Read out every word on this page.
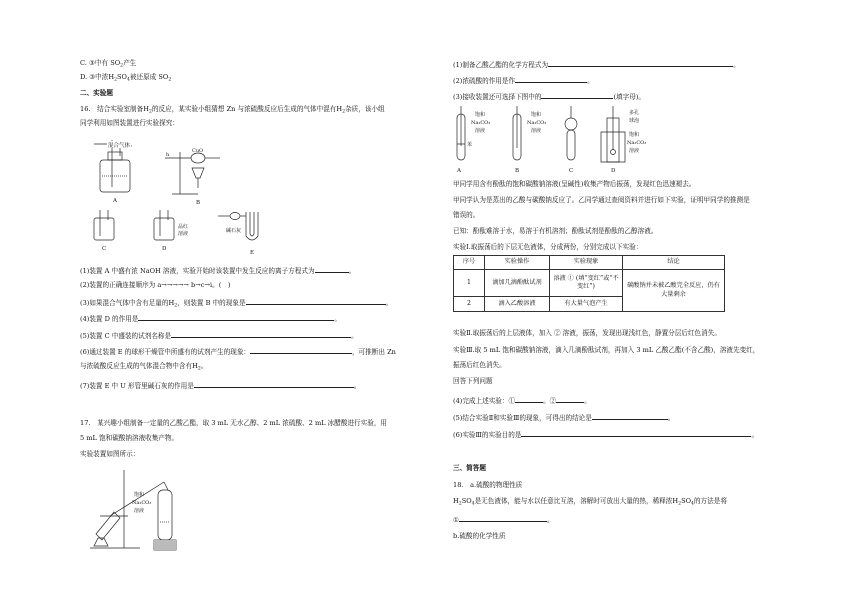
C. ③中有 $SO_2$产生
D. ③中浓$H_2SO_4$被还原成 $SO_2$
二、实验题
16.　结合实验室制备$H_2$的反应，某实验小组猜想 Zn 与浓硫酸反应后生成的气体中混有$H_2$杂质，该小组
同学利用如图装置进行实验探究：
混合气体
h
CuO
品红
溶液	碱石灰
A	B
C	D
E
(1)装置 A 中盛有浓 NaOH 溶液，实验开始时该装置中发生反应的离子方程式为	。
(2)装置的正确连接顺序为 a→→→→→ b→c→i。(　)
(3)如果混合气体中含有足量的$H_2$，则装置 B 中的现象是	。
(4)装置 D 的作用是	。
(5)装置 C 中盛装的试剂名称是	。
(6)通过装置 E 的球形干燥管中所盛有的试剂产生的现象：	，可推断出 Zn
与浓硫酸反应生成的气体混合物中含有$H_2$。
(7)装置 E 中 U 形管里碱石灰的作用是	。
17.　某兴趣小组制备一定量的乙酸乙酯，取 3 mL 无水乙醇、2 mL 浓硫酸、2 mL 冰醋酸进行实验，用
5 mL 饱和碳酸钠溶液收集产物。
实验装置如图所示：
饱和
Na₂CO₃
溶液
(1)制备乙酸乙酯的化学方程式为	。
(2)浓硫酸的作用是作	。
(3)接收装置还可选择下图中的	(填字母)。
饱和
Na₂CO₃
溶液
苯
饱和
Na₂CO₃
溶液
多孔
球泡
饱和
Na₂CO₃
溶液
A	B	C	D
甲同学用含有酚酞的饱和碳酸钠溶液(呈碱性)收集产物后振荡，发现红色迅速褪去。
甲同学认为是蒸出的乙酸与碳酸钠反应了。乙同学通过查阅资料并进行如下实验，证明甲同学的推测是
错误的。
已知：酚酞难溶于水，易溶于有机溶剂；酚酞试剂是酚酞的乙醇溶液。
实验Ⅰ.取振荡后的下层无色液体，分成两份，分别完成以下实验：
序号	实验操作	实验现象	结论
1	滴加几滴酚酞试剂	溶液 ① (填“变红”或“不变红”)	碳酸钠并未被乙酸完全反应，仍有大量剩余
2	滴入乙酸溶液	有大量气泡产生	
实验Ⅱ.取振荡后的上层液体，加入 ② 溶液，振荡，发现出现浅红色，静置分层后红色消失。
实验Ⅲ.取 5 mL 饱和碳酸钠溶液，滴入几滴酚酞试剂，再加入 3 mL 乙酸乙酯(不含乙酸)，溶液先变红，
振荡后红色消失。
回答下列问题
(4)完成上述实验：①	。②	。
(5)结合实验Ⅱ和实验Ⅲ的现象，可得出的结论是	。
(6)实验Ⅲ的实验目的是	。
三、简答题
18.　a.硫酸的物理性质
$H_2SO_4$是无色液体，能与水以任意比互溶，溶解时可放出大量的热，稀释浓$H_2SO_4$的方法是将
①	。
b.硫酸的化学性质
